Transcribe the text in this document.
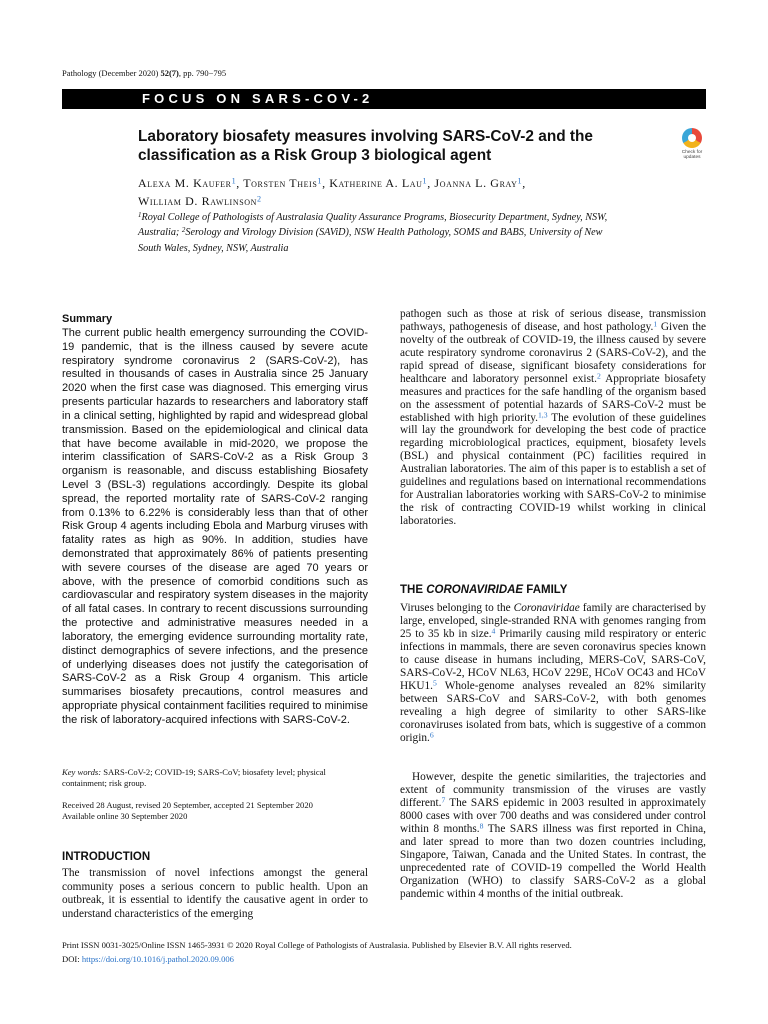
Pathology (December 2020) 52(7), pp. 790−795
FOCUS ON SARS-COV-2
Laboratory biosafety measures involving SARS-CoV-2 and the classification as a Risk Group 3 biological agent	Check for
updates

Alexa M. Kaufer$^1$, Torsten Theis$^1$, Katherine A. Lau$^1$, Joanna L. Gray$^1$,
William D. Rawlinson$^2$

$^1$Royal College of Pathologists of Australasia Quality Assurance Programs, Biosecurity Department, Sydney, NSW, Australia; $^2$Serology and Virology Division (SAViD), NSW Health Pathology, SOMS and BABS, University of New South Wales, Sydney, NSW, Australia

Summary

The current public health emergency surrounding the COVID-19 pandemic, that is the illness caused by severe acute respiratory syndrome coronavirus 2 (SARS-CoV-2), has resulted in thousands of cases in Australia since 25 January 2020 when the first case was diagnosed. This emerging virus presents particular hazards to researchers and laboratory staff in a clinical setting, highlighted by rapid and widespread global transmission. Based on the epidemiological and clinical data that have become available in mid-2020, we propose the interim classification of SARS-CoV-2 as a Risk Group 3 organism is reasonable, and discuss establishing Biosafety Level 3 (BSL-3) regulations accordingly. Despite its global spread, the reported mortality rate of SARS-CoV-2 ranging from 0.13% to 6.22% is considerably less than that of other Risk Group 4 agents including Ebola and Marburg viruses with fatality rates as high as 90%. In addition, studies have demonstrated that approximately 86% of patients presenting with severe courses of the disease are aged 70 years or above, with the presence of comorbid conditions such as cardiovascular and respiratory system diseases in the majority of all fatal cases. In contrary to recent discussions surrounding the protective and administrative measures needed in a laboratory, the emerging evidence surrounding mortality rate, distinct demographics of severe infections, and the presence of underlying diseases does not justify the categorisation of SARS-CoV-2 as a Risk Group 4 organism. This article summarises biosafety precautions, control measures and appropriate physical containment facilities required to minimise the risk of laboratory-acquired infections with SARS-CoV-2.

Key words: SARS-CoV-2; COVID-19; SARS-CoV; biosafety level; physical containment; risk group.

Received 28 August, revised 20 September, accepted 21 September 2020
Available online 30 September 2020

INTRODUCTION

The transmission of novel infections amongst the general community poses a serious concern to public health. Upon an outbreak, it is essential to identify the causative agent in order to understand characteristics of the emerging

pathogen such as those at risk of serious disease, transmission pathways, pathogenesis of disease, and host pathology.$^1$ Given the novelty of the outbreak of COVID-19, the illness caused by severe acute respiratory syndrome coronavirus 2 (SARS-CoV-2), and the rapid spread of disease, significant biosafety considerations for healthcare and laboratory personnel exist.$^2$ Appropriate biosafety measures and practices for the safe handling of the organism based on the assessment of potential hazards of SARS-CoV-2 must be established with high priority.$^{1,3}$ The evolution of these guidelines will lay the groundwork for developing the best code of practice regarding microbiological practices, equipment, biosafety levels (BSL) and physical containment (PC) facilities required in Australian laboratories. The aim of this paper is to establish a set of guidelines and regulations based on international recommendations for Australian laboratories working with SARS-CoV-2 to minimise the risk of contracting COVID-19 whilst working in clinical laboratories.

THE CORONAVIRIDAE FAMILY

Viruses belonging to the Coronaviridae family are characterised by large, enveloped, single-stranded RNA with genomes ranging from 25 to 35 kb in size.$^4$ Primarily causing mild respiratory or enteric infections in mammals, there are seven coronavirus species known to cause disease in humans including, MERS-CoV, SARS-CoV, SARS-CoV-2, HCoV NL63, HCoV 229E, HCoV OC43 and HCoV HKU1.$^5$ Whole-genome analyses revealed an 82% similarity between SARS-CoV and SARS-CoV-2, with both genomes revealing a high degree of similarity to other SARS-like coronaviruses isolated from bats, which is suggestive of a common origin.$^6$

However, despite the genetic similarities, the trajectories and extent of community transmission of the viruses are vastly different.$^7$ The SARS epidemic in 2003 resulted in approximately 8000 cases with over 700 deaths and was considered under control within 8 months.$^8$ The SARS illness was first reported in China, and later spread to more than two dozen countries including, Singapore, Taiwan, Canada and the United States. In contrast, the unprecedented rate of COVID-19 compelled the World Health Organization (WHO) to classify SARS-CoV-2 as a global pandemic within 4 months of the initial outbreak.

Print ISSN 0031-3025/Online ISSN 1465-3931 © 2020 Royal College of Pathologists of Australasia. Published by Elsevier B.V. All rights reserved.
DOI: https://doi.org/10.1016/j.pathol.2020.09.006
